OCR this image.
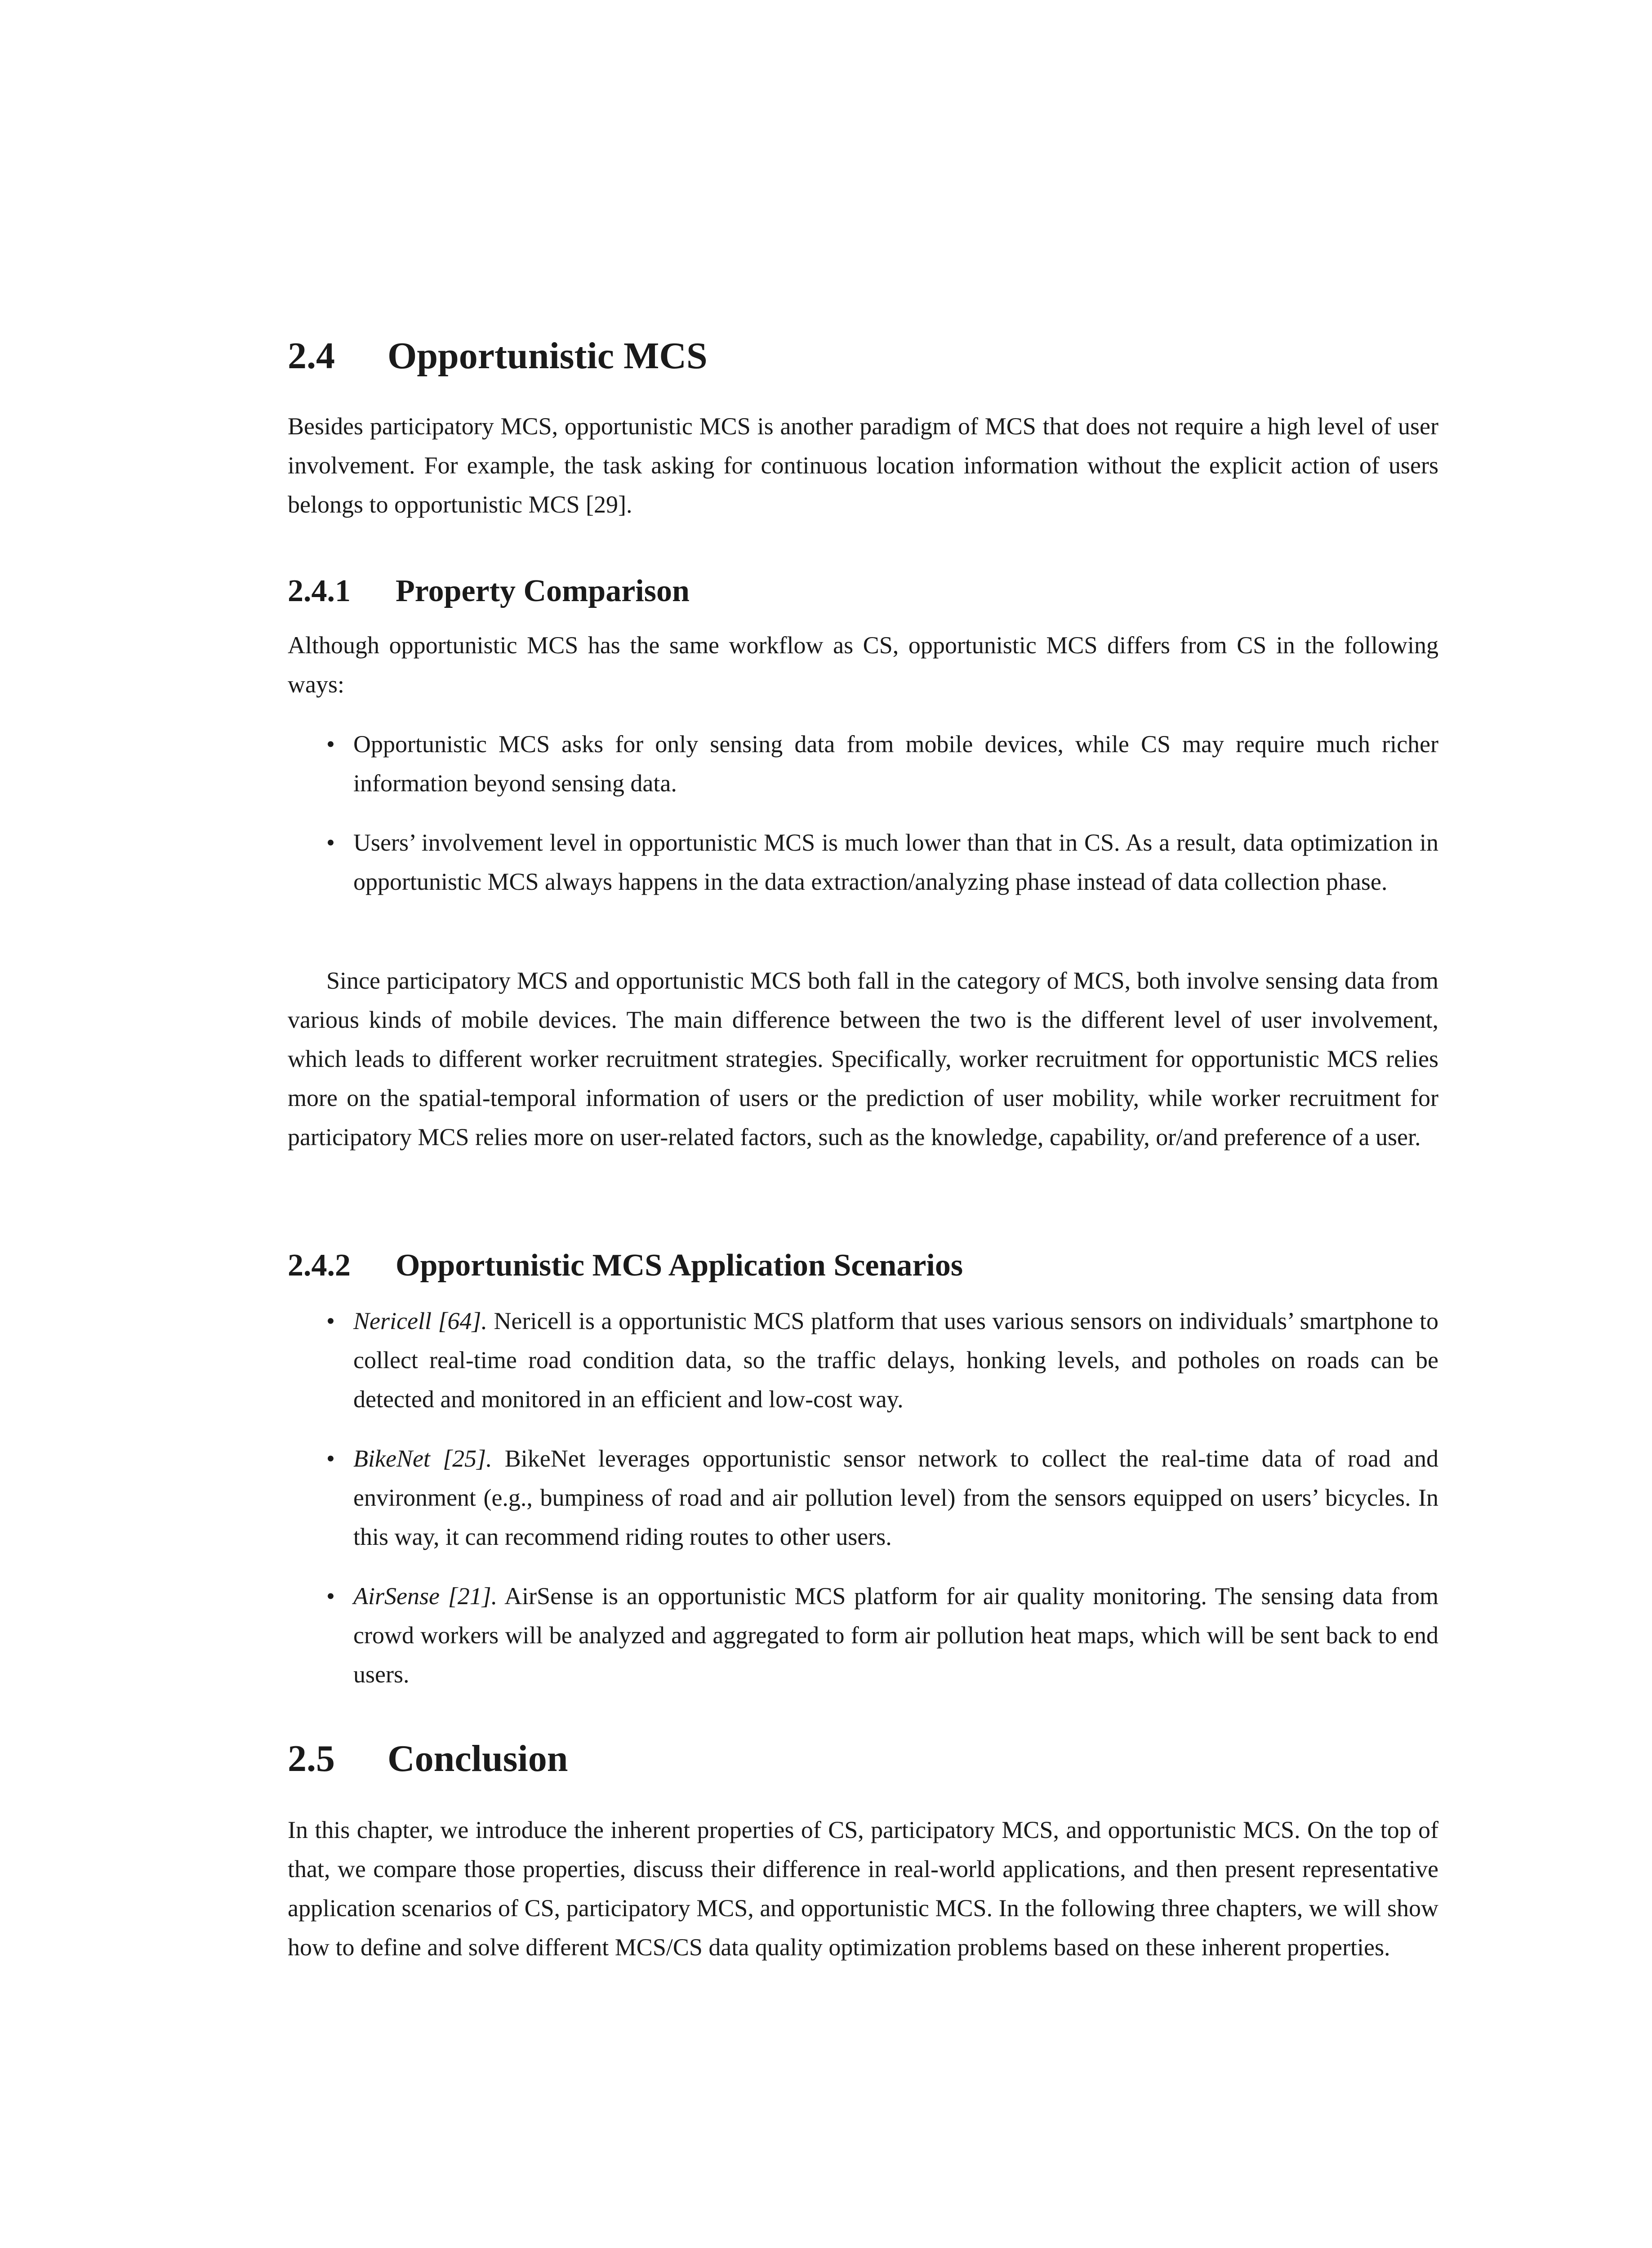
2.4 Opportunistic MCS

Besides participatory MCS, opportunistic MCS is another paradigm of MCS that does not require a high level of user involvement. For example, the task asking for continuous location information without the explicit action of users belongs to opportunistic MCS [29].

2.4.1 Property Comparison

Although opportunistic MCS has the same workflow as CS, opportunistic MCS differs from CS in the following ways:

• Opportunistic MCS asks for only sensing data from mobile devices, while CS may require much richer information beyond sensing data.

• Users’ involvement level in opportunistic MCS is much lower than that in CS. As a result, data optimization in opportunistic MCS always happens in the data extraction/analyzing phase instead of data collection phase.

Since participatory MCS and opportunistic MCS both fall in the category of MCS, both involve sensing data from various kinds of mobile devices. The main difference between the two is the different level of user involvement, which leads to different worker recruitment strategies. Specifically, worker recruitment for opportunistic MCS relies more on the spatial-temporal information of users or the prediction of user mobility, while worker recruitment for participatory MCS relies more on user-related factors, such as the knowledge, capability, or/and preference of a user.

2.4.2 Opportunistic MCS Application Scenarios
• Nericell [64]. Nericell is a opportunistic MCS platform that uses various sensors on individuals’ smartphone to collect real-time road condition data, so the traffic delays, honking levels, and potholes on roads can be detected and monitored in an efficient and low-cost way.

• BikeNet [25]. BikeNet leverages opportunistic sensor network to collect the real-time data of road and environment (e.g., bumpiness of road and air pollution level) from the sensors equipped on users’ bicycles. In this way, it can recommend riding routes to other users.

• AirSense [21]. AirSense is an opportunistic MCS platform for air quality monitoring. The sensing data from crowd workers will be analyzed and aggregated to form air pollution heat maps, which will be sent back to end users.

2.5 Conclusion

In this chapter, we introduce the inherent properties of CS, participatory MCS, and opportunistic MCS. On the top of that, we compare those properties, discuss their difference in real-world applications, and then present representative application scenarios of CS, participatory MCS, and opportunistic MCS. In the following three chapters, we will show how to define and solve different MCS/CS data quality optimization problems based on these inherent properties.
